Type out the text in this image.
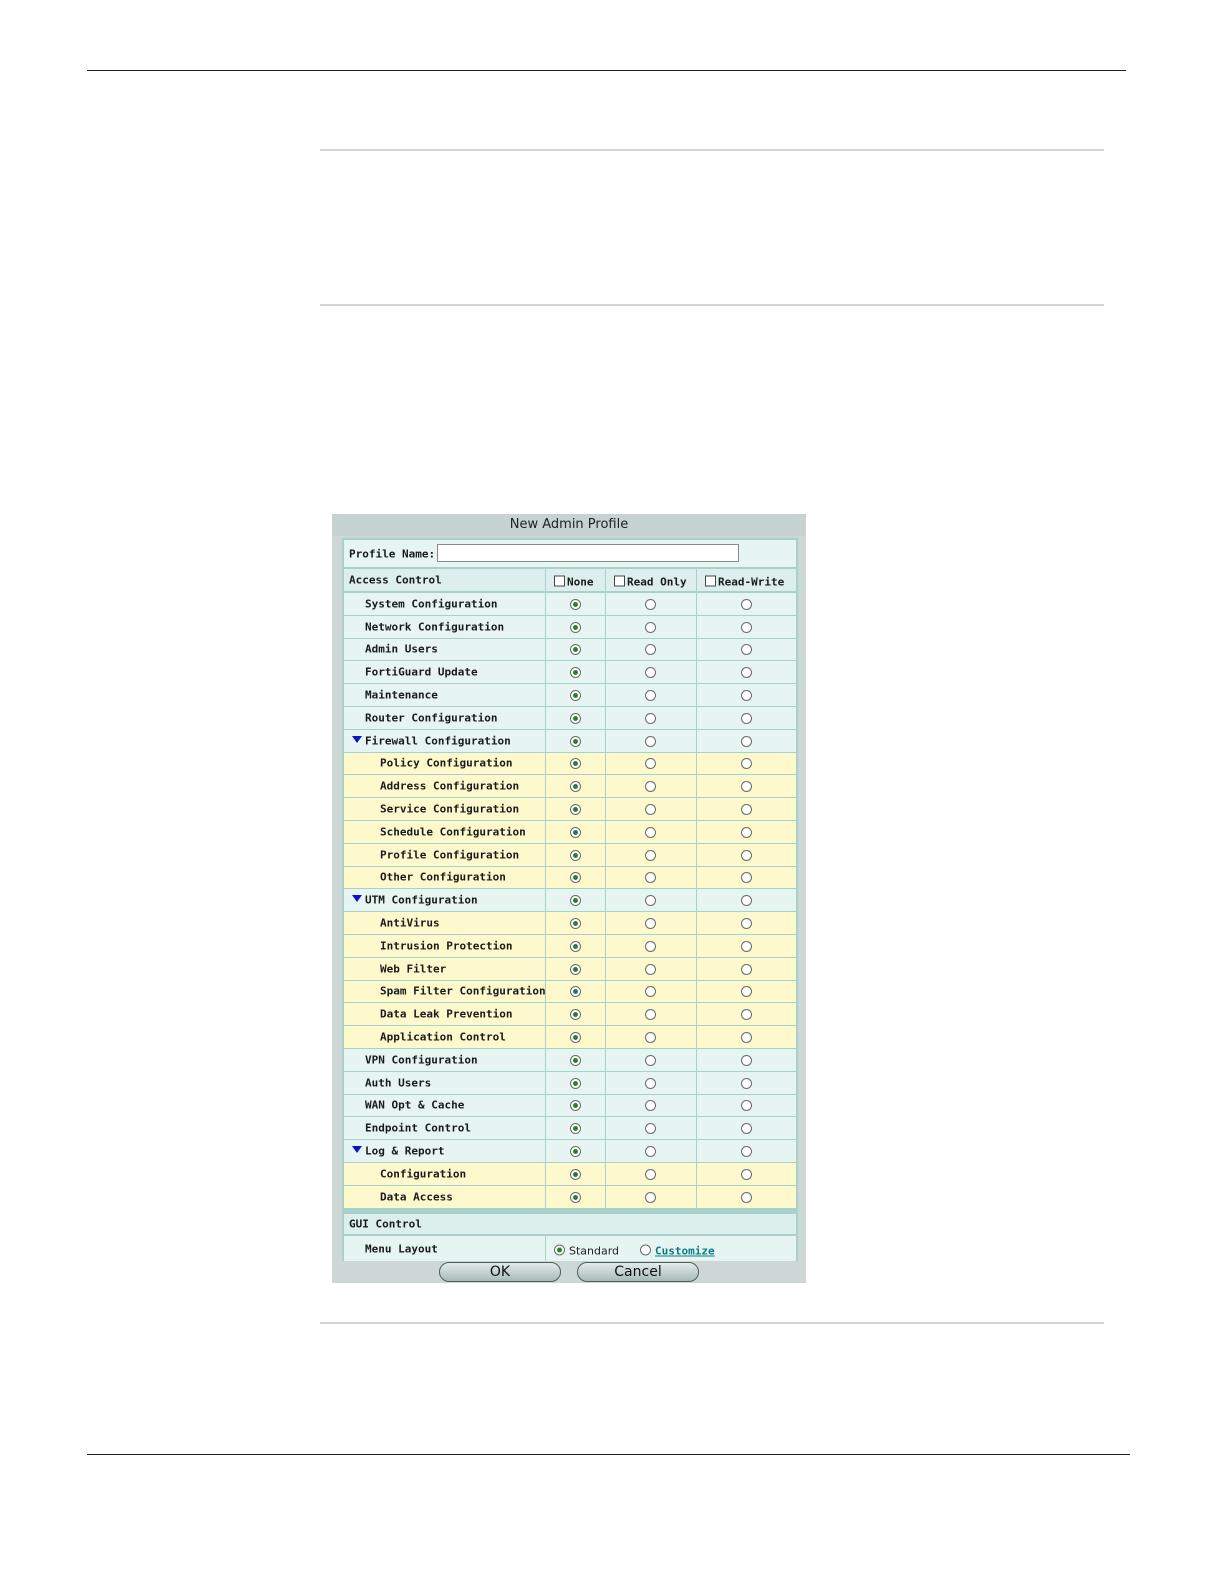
New Admin Profile
Profile Name:
Access Control	None	Read Only	Read-Write
System Configuration
Network Configuration
Admin Users
FortiGuard Update
Maintenance
Router Configuration
Firewall Configuration
Policy Configuration
Address Configuration
Service Configuration
Schedule Configuration
Profile Configuration
Other Configuration
UTM Configuration
AntiVirus
Intrusion Protection
Web Filter
Spam Filter Configuration
Data Leak Prevention
Application Control
VPN Configuration
Auth Users
WAN Opt & Cache
Endpoint Control
Log & Report
Configuration
Data Access
GUI Control
Menu Layout	Standard	Customize
OK	Cancel
